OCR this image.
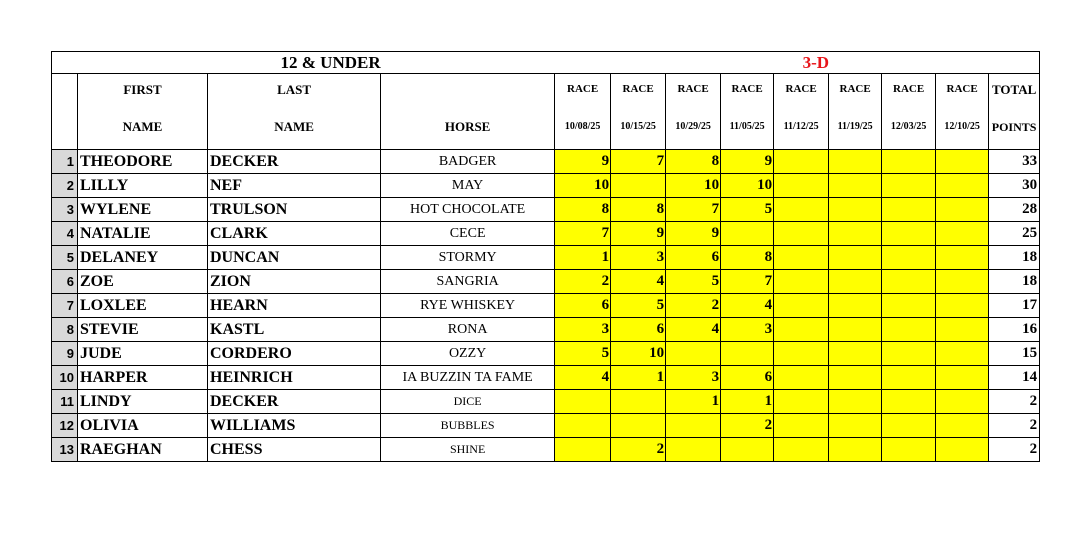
		12 & UNDER						3-D				
	FIRST	LAST		RACE	RACE	RACE	RACE	RACE	RACE	RACE	RACE	TOTAL
	NAME	NAME	HORSE	10/08/25	10/15/25	10/29/25	11/05/25	11/12/25	11/19/25	12/03/25	12/10/25	POINTS
1	THEODORE	DECKER	BADGER	9	7	8	9					33
2	LILLY	NEF	MAY	10		10	10					30
3	WYLENE	TRULSON	HOT CHOCOLATE	8	8	7	5					28
4	NATALIE	CLARK	CECE	7	9	9						25
5	DELANEY	DUNCAN	STORMY	1	3	6	8					18
6	ZOE	ZION	SANGRIA	2	4	5	7					18
7	LOXLEE	HEARN	RYE WHISKEY	6	5	2	4					17
8	STEVIE	KASTL	RONA	3	6	4	3					16
9	JUDE	CORDERO	OZZY	5	10							15
10	HARPER	HEINRICH	IA BUZZIN TA FAME	4	1	3	6					14
11	LINDY	DECKER	DICE			1	1					2
12	OLIVIA	WILLIAMS	BUBBLES				2					2
13	RAEGHAN	CHESS	SHINE		2							2
